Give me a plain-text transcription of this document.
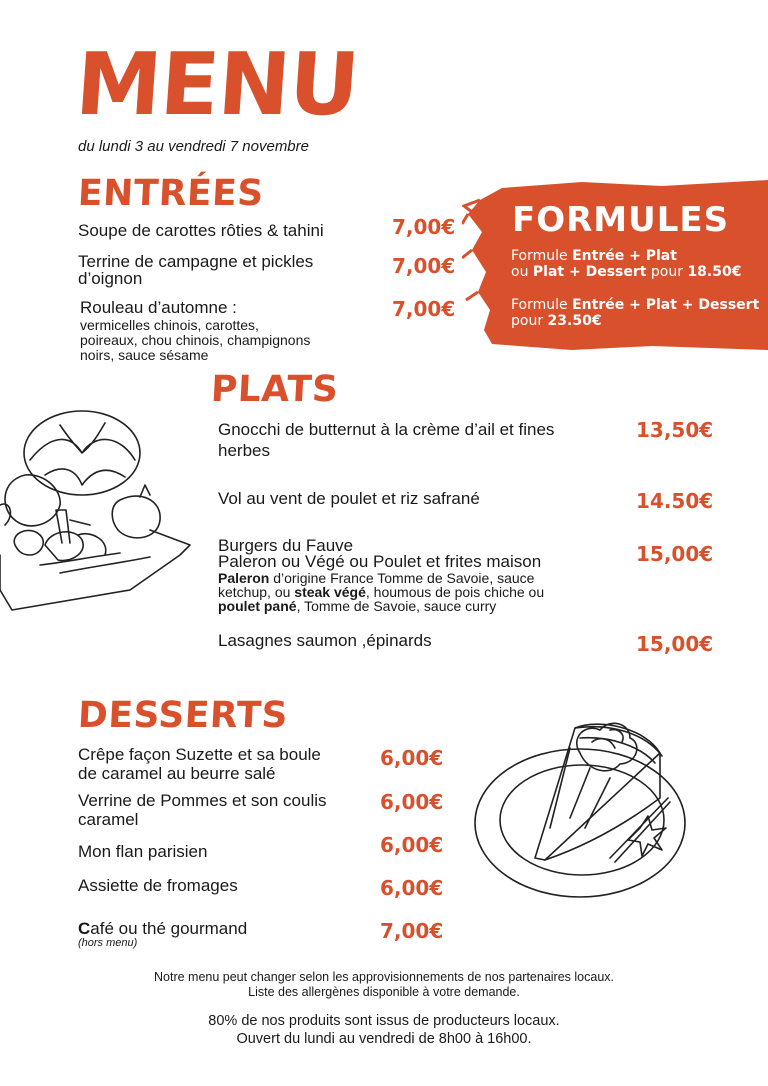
MENU
du lundi 3 au vendredi 7 novembre
ENTRÉES
Soupe de carottes rôties & tahini	7,00€
Terrine de campagne et pickles
d’oignon
7,00€
Rouleau d’automne :
vermicelles chinois, carottes,
poireaux, chou chinois, champignons
noirs, sauce sésame
7,00€
FORMULES
Formule Entrée + Plat
ou Plat + Dessert pour 18.50€
Formule Entrée + Plat + Dessert
pour 23.50€
PLATS
Gnocchi de butternut à la crème d’ail et fines
herbes
13,50€
Vol au vent de poulet et riz safrané	14.50€
Burgers du Fauve
Paleron ou Végé ou Poulet et frites maison
Paleron d’origine France Tomme de Savoie, sauce
ketchup, ou steak végé, houmous de pois chiche ou
poulet pané, Tomme de Savoie, sauce curry
15,00€
Lasagnes saumon ,épinards	15,00€
DESSERTS
Crêpe façon Suzette et sa boule
de caramel au beurre salé
6,00€
Verrine de Pommes et son coulis
caramel
6,00€
Mon flan parisien	6,00€
Assiette de fromages	6,00€
Café ou thé gourmand
(hors menu)	7,00€
Notre menu peut changer selon les approvisionnements de nos partenaires locaux.
Liste des allergènes disponible à votre demande.
80% de nos produits sont issus de producteurs locaux.
Ouvert du lundi au vendredi de 8h00 à 16h00.
